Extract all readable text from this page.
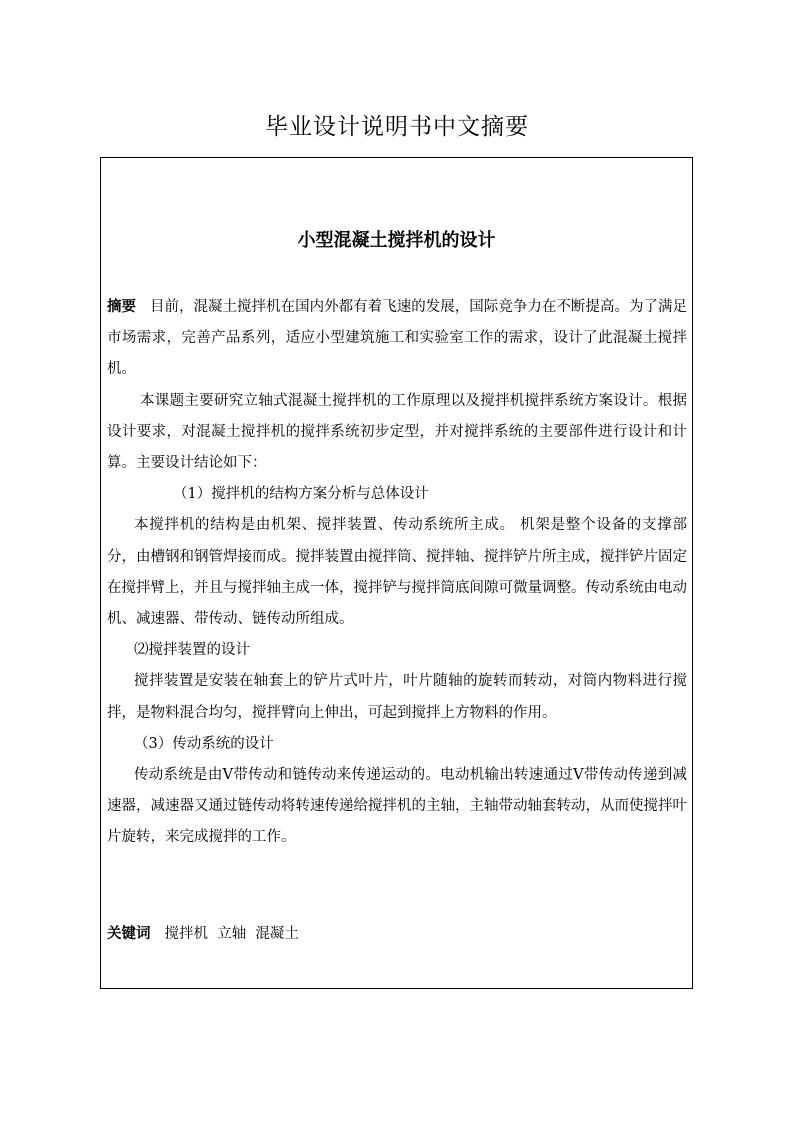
毕业设计说明书中文摘要
小型混凝土搅拌机的设计

摘要 目前，混凝土搅拌机在国内外都有着飞速的发展，国际竞争力在不断提高。为了满足市场需求，完善产品系列，适应小型建筑施工和实验室工作的需求，设计了此混凝土搅拌机。

本课题主要研究立轴式混凝土搅拌机的工作原理以及搅拌机搅拌系统方案设计。根据设计要求，对混凝土搅拌机的搅拌系统初步定型，并对搅拌系统的主要部件进行设计和计算。主要设计结论如下：

（1）搅拌机的结构方案分析与总体设计

本搅拌机的结构是由机架、搅拌装置、传动系统所主成。 机架是整个设备的支撑部分，由槽钢和钢管焊接而成。搅拌装置由搅拌筒、搅拌轴、搅拌铲片所主成，搅拌铲片固定在搅拌臂上，并且与搅拌轴主成一体，搅拌铲与搅拌筒底间隙可微量调整。传动系统由电动机、减速器、带传动、链传动所组成。

⑵搅拌装置的设计

搅拌装置是安装在轴套上的铲片式叶片，叶片随轴的旋转而转动，对筒内物料进行搅拌，是物料混合均匀，搅拌臂向上伸出，可起到搅拌上方物料的作用。

（3）传动系统的设计

传动系统是由V带传动和链传动来传递运动的。电动机输出转速通过V带传动传递到减速器，减速器又通过链传动将转速传递给搅拌机的主轴，主轴带动轴套转动，从而使搅拌叶片旋转，来完成搅拌的工作。

关键词 搅拌机  立轴  混凝土
